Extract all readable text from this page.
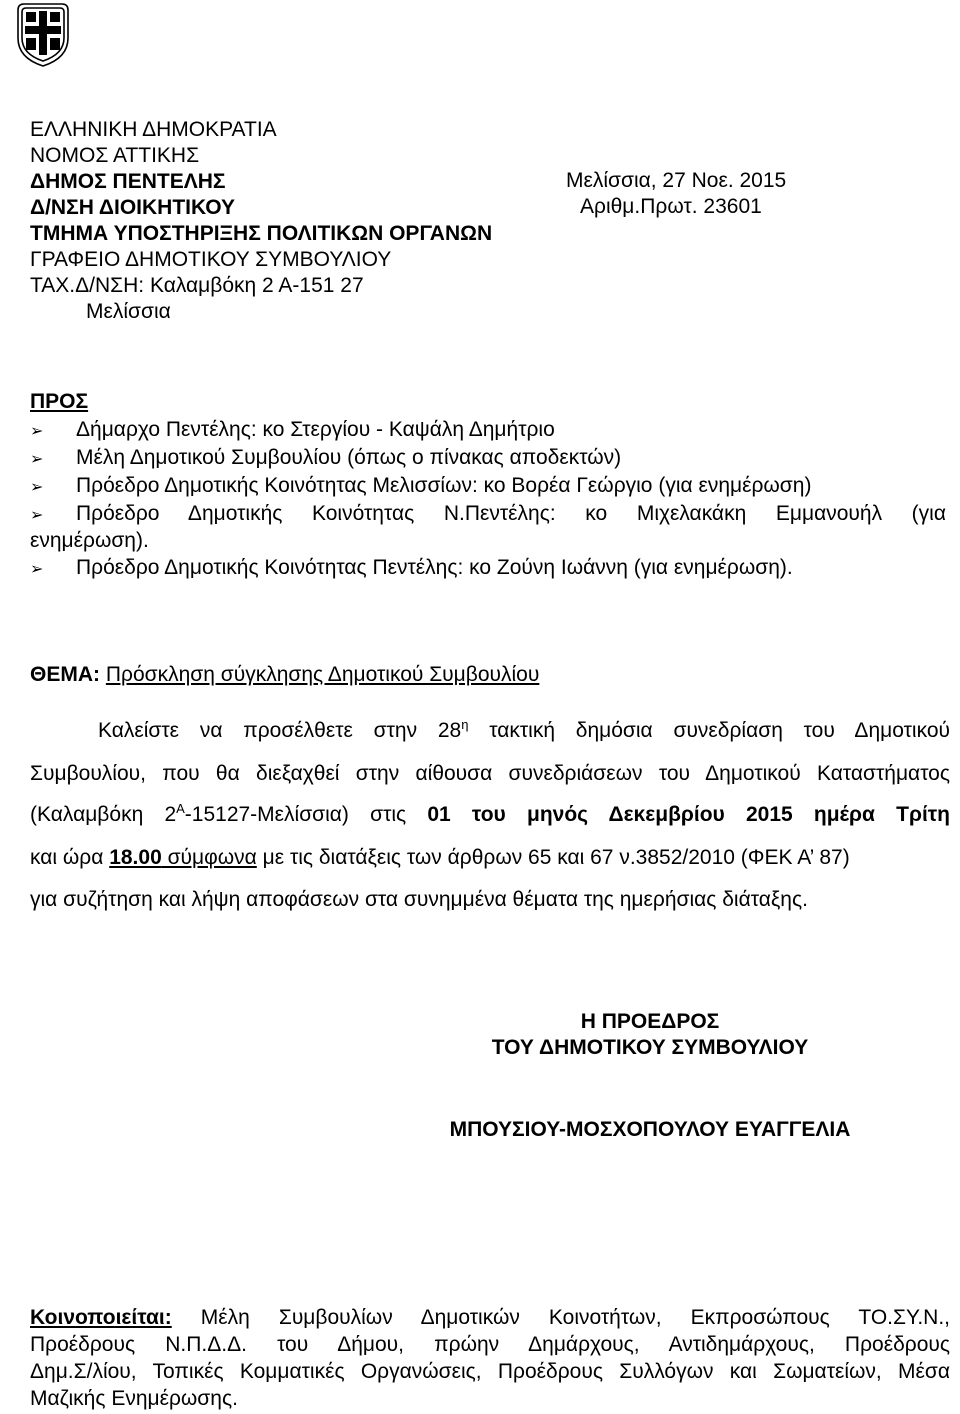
ΕΛΛΗΝΙΚΗ ΔΗΜΟΚΡΑΤΙΑ
ΝΟΜΟΣ ΑΤΤΙΚΗΣ
ΔΗΜΟΣ ΠΕΝΤΕΛΗΣ
Δ/ΝΣΗ ΔΙΟΙΚΗΤΙΚΟΥ
ΤΜΗΜΑ ΥΠΟΣΤΗΡΙΞΗΣ ΠΟΛΙΤΙΚΩΝ ΟΡΓΑΝΩΝ
ΓΡΑΦΕΙΟ ΔΗΜΟΤΙΚΟΥ ΣΥΜΒΟΥΛΙΟΥ
ΤΑΧ.Δ/ΝΣΗ: Καλαμβόκη 2 Α-151 27
Μελίσσια
Μελίσσια, 27 Νοε. 2015
Αριθμ.Πρωτ. 23601
ΠΡΟΣ
➢ Δήμαρχο Πεντέλης: κο Στεργίου - Καψάλη Δημήτριο
➢ Μέλη Δημοτικού Συμβουλίου (όπως ο πίνακας αποδεκτών)
➢ Πρόεδρο Δημοτικής Κοινότητας Μελισσίων: κο Βορέα Γεώργιο (για ενημέρωση)
➢ Πρόεδρο Δημοτικής Κοινότητας Ν.Πεντέλης: κο Μιχελακάκη Εμμανουήλ (για
ενημέρωση).
➢ Πρόεδρο Δημοτικής Κοινότητας Πεντέλης: κο Ζούνη Ιωάννη (για ενημέρωση).
ΘΕΜΑ: Πρόσκληση σύγκλησης Δημοτικού Συμβουλίου
Καλείστε να προσέλθετε στην $28^\eta$ τακτική δημόσια συνεδρίαση του Δημοτικού
Συμβουλίου, που θα διεξαχθεί στην αίθουσα συνεδριάσεων του Δημοτικού Καταστήματος
(Καλαμβόκη $2^A-15127-M\varepsilon\lambda ί\sigma\sigma\iota\alpha$) στις 01 του μηνός Δεκεμβρίου 2015 ημέρα Τρίτη
και ώρα 18.00 σύμφωνα με τις διατάξεις των άρθρων 65 και 67 ν.3852/2010 (ΦΕΚ Α’ 87)
για συζήτηση και λήψη αποφάσεων στα συνημμένα θέματα της ημερήσιας διάταξης.
Η ΠΡΟΕΔΡΟΣ
ΤΟΥ ΔΗΜΟΤΙΚΟΥ ΣΥΜΒΟΥΛΙΟΥ
ΜΠΟΥΣΙΟΥ-ΜΟΣΧΟΠΟΥΛΟΥ ΕΥΑΓΓΕΛΙΑ
Κοινοποιείται: Μέλη Συμβουλίων Δημοτικών Κοινοτήτων, Εκπροσώπους ΤΟ.ΣΥ.Ν.,
Προέδρους Ν.Π.Δ.Δ. του Δήμου, πρώην Δημάρχους, Αντιδημάρχους, Προέδρους
Δημ.Σ/λίου, Τοπικές Κομματικές Οργανώσεις, Προέδρους Συλλόγων και Σωματείων, Μέσα
Μαζικής Ενημέρωσης.
